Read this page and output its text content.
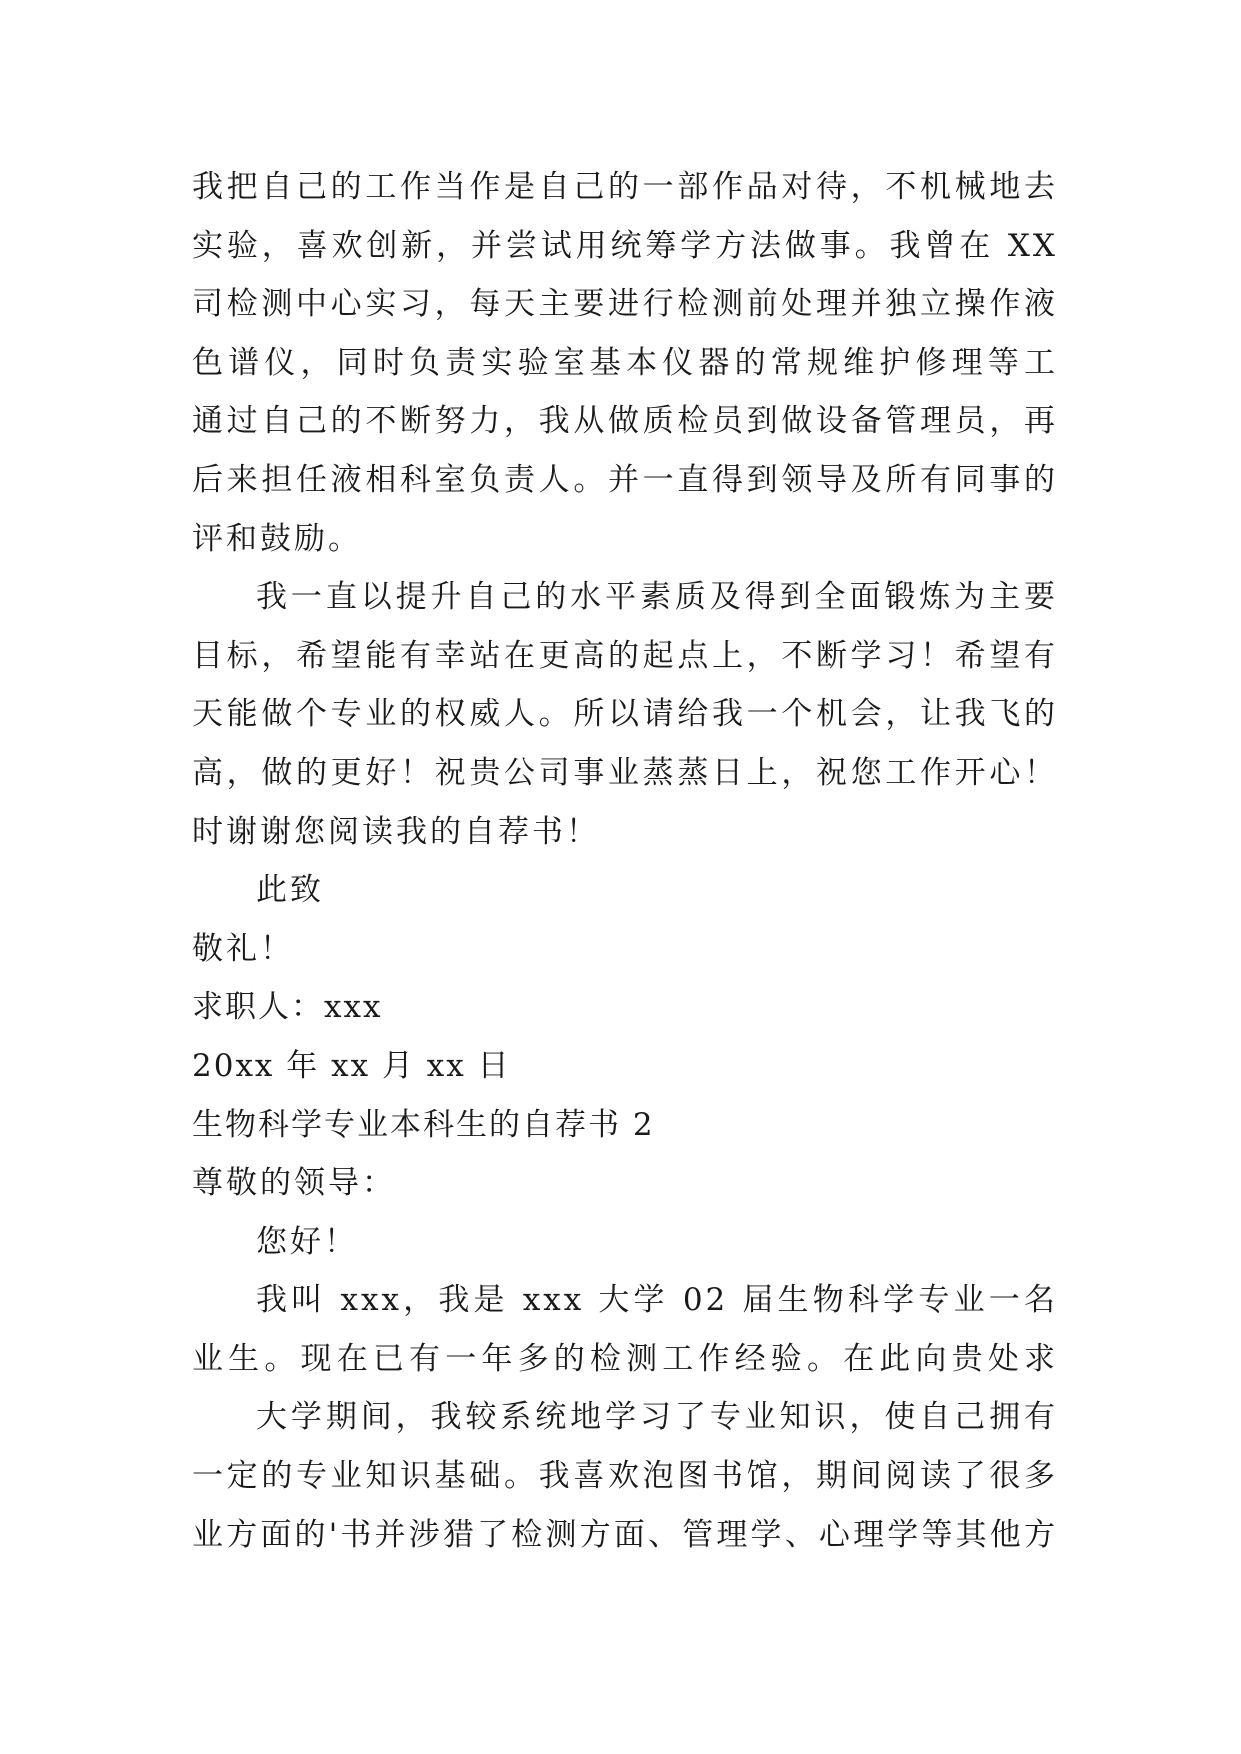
我把自己的工作当作是自己的一部作品对待，不机械地去
实验，喜欢创新，并尝试用统筹学方法做事。我曾在 XX
司检测中心实习，每天主要进行检测前处理并独立操作液
色谱仪，同时负责实验室基本仪器的常规维护修理等工
通过自己的不断努力，我从做质检员到做设备管理员，再
后来担任液相科室负责人。并一直得到领导及所有同事的
评和鼓励。
我一直以提升自己的水平素质及得到全面锻炼为主要
目标，希望能有幸站在更高的起点上，不断学习！希望有
天能做个专业的权威人。所以请给我一个机会，让我飞的
高，做的更好！祝贵公司事业蒸蒸日上，祝您工作开心！
时谢谢您阅读我的自荐书！
此致
敬礼！
求职人：xxx
20xx 年 xx 月 xx 日
生物科学专业本科生的自荐书 2
尊敬的领导：
您好！
我叫 xxx，我是 xxx 大学 02 届生物科学专业一名
业生。现在已有一年多的检测工作经验。在此向贵处求
大学期间，我较系统地学习了专业知识，使自己拥有
一定的专业知识基础。我喜欢泡图书馆，期间阅读了很多
业方面的'书并涉猎了检测方面、管理学、心理学等其他方
